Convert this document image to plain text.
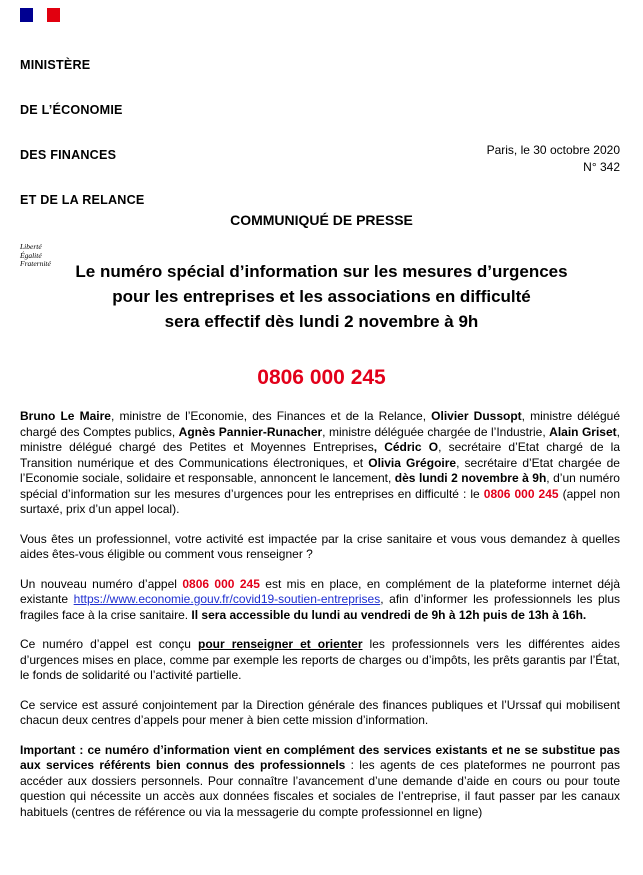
MINISTÈRE

DE L’ÉCONOMIE

DES FINANCES

ET DE LA RELANCE

Liberté
Égalité
Fraternité
Paris, le 30 octobre 2020
N° 342
COMMUNIQUÉ DE PRESSE
Le numéro spécial d’information sur les mesures d’urgences
pour les entreprises et les associations en difficulté
sera effectif dès lundi 2 novembre à 9h
0806 000 245

Bruno Le Maire, ministre de l’Economie, des Finances et de la Relance, Olivier Dussopt, ministre délégué chargé des Comptes publics, Agnès Pannier-Runacher, ministre déléguée chargée de l’Industrie, Alain Griset, ministre délégué chargé des Petites et Moyennes Entreprises, Cédric O, secrétaire d’Etat chargé de la Transition numérique et des Communications électroniques, et Olivia Grégoire, secrétaire d’Etat chargée de l’Economie sociale, solidaire et responsable, annoncent le lancement, dès lundi 2 novembre à 9h, d’un numéro spécial d’information sur les mesures d’urgences pour les entreprises en difficulté : le 0806 000 245 (appel non surtaxé, prix d’un appel local).

Vous êtes un professionnel, votre activité est impactée par la crise sanitaire et vous vous demandez à quelles aides êtes-vous éligible ou comment vous renseigner ?

Un nouveau numéro d’appel 0806 000 245 est mis en place, en complément de la plateforme internet déjà existante https://www.economie.gouv.fr/covid19-soutien-entreprises, afin d’informer les professionnels les plus fragiles face à la crise sanitaire. Il sera accessible du lundi au vendredi de 9h à 12h puis de 13h à 16h.

Ce numéro d’appel est conçu pour renseigner et orienter les professionnels vers les différentes aides d’urgences mises en place, comme par exemple les reports de charges ou d’impôts, les prêts garantis par l’État, le fonds de solidarité ou l’activité partielle.

Ce service est assuré conjointement par la Direction générale des finances publiques et l’Urssaf qui mobilisent chacun deux centres d’appels pour mener à bien cette mission d’information.

Important : ce numéro d’information vient en complément des services existants et ne se substitue pas aux services référents bien connus des professionnels : les agents de ces plateformes ne pourront pas accéder aux dossiers personnels. Pour connaître l’avancement d’une demande d’aide en cours ou pour toute question qui nécessite un accès aux données fiscales et sociales de l’entreprise, il faut passer par les canaux habituels (centres de référence ou via la messagerie du compte professionnel en ligne)
